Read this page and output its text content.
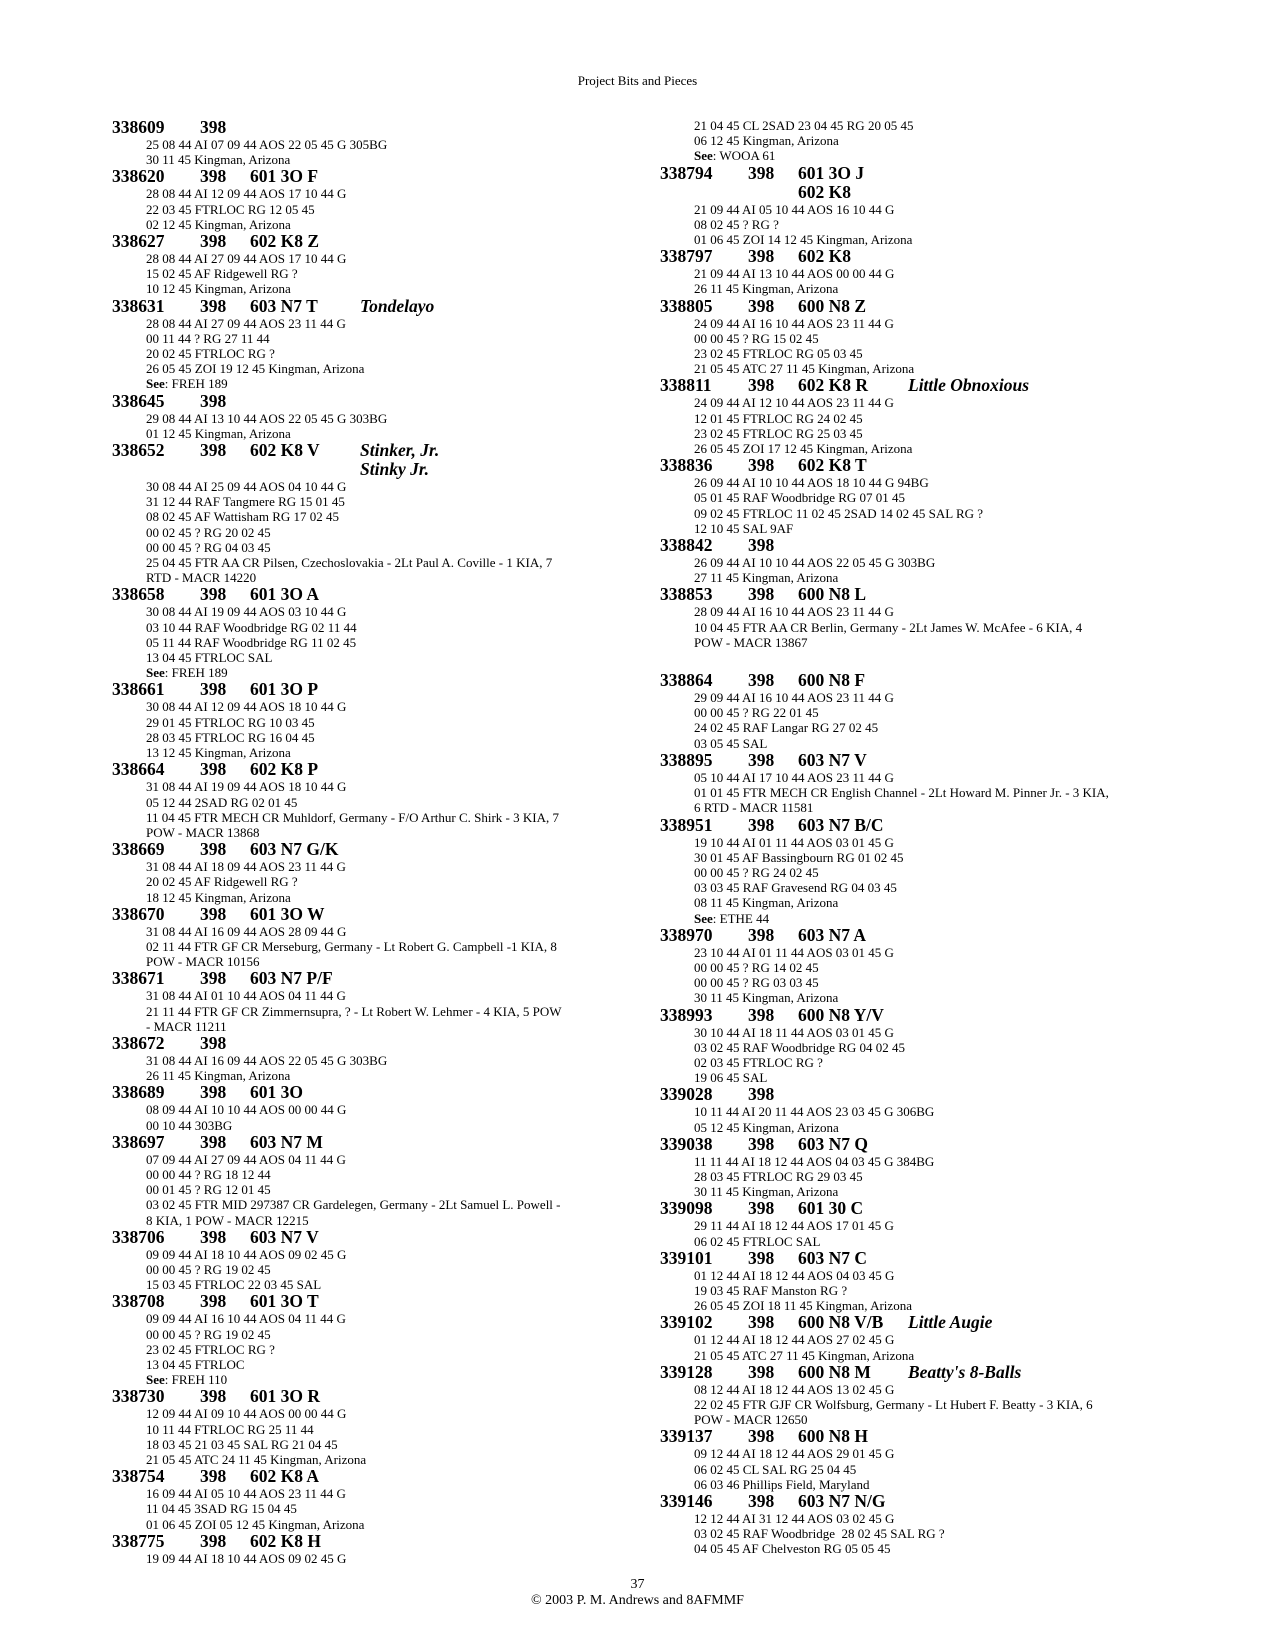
Project Bits and Pieces
338609	398
25 08 44 AI 07 09 44 AOS 22 05 45 G 305BG
30 11 45 Kingman, Arizona
338620	398	601 3O F
28 08 44 AI 12 09 44 AOS 17 10 44 G
22 03 45 FTRLOC RG 12 05 45
02 12 45 Kingman, Arizona
338627	398	602 K8 Z
28 08 44 AI 27 09 44 AOS 17 10 44 G
15 02 45 AF Ridgewell RG ?
10 12 45 Kingman, Arizona
338631	398	603 N7 T	Tondelayo
28 08 44 AI 27 09 44 AOS 23 11 44 G
00 11 44 ? RG 27 11 44
20 02 45 FTRLOC RG ?
26 05 45 ZOI 19 12 45 Kingman, Arizona
See: FREH 189
338645	398
29 08 44 AI 13 10 44 AOS 22 05 45 G 303BG
01 12 45 Kingman, Arizona
338652	398	602 K8 V	Stinker, Jr.
Stinky Jr.
30 08 44 AI 25 09 44 AOS 04 10 44 G
31 12 44 RAF Tangmere RG 15 01 45
08 02 45 AF Wattisham RG 17 02 45
00 02 45 ? RG 20 02 45
00 00 45 ? RG 04 03 45
25 04 45 FTR AA CR Pilsen, Czechoslovakia - 2Lt Paul A. Coville - 1 KIA, 7
RTD - MACR 14220
338658	398	601 3O A
30 08 44 AI 19 09 44 AOS 03 10 44 G
03 10 44 RAF Woodbridge RG 02 11 44
05 11 44 RAF Woodbridge RG 11 02 45
13 04 45 FTRLOC SAL
See: FREH 189
338661	398	601 3O P
30 08 44 AI 12 09 44 AOS 18 10 44 G
29 01 45 FTRLOC RG 10 03 45
28 03 45 FTRLOC RG 16 04 45
13 12 45 Kingman, Arizona
338664	398	602 K8 P
31 08 44 AI 19 09 44 AOS 18 10 44 G
05 12 44 2SAD RG 02 01 45
11 04 45 FTR MECH CR Muhldorf, Germany - F/O Arthur C. Shirk - 3 KIA, 7
POW - MACR 13868
338669	398	603 N7 G/K
31 08 44 AI 18 09 44 AOS 23 11 44 G
20 02 45 AF Ridgewell RG ?
18 12 45 Kingman, Arizona
338670	398	601 3O W
31 08 44 AI 16 09 44 AOS 28 09 44 G
02 11 44 FTR GF CR Merseburg, Germany - Lt Robert G. Campbell -1 KIA, 8
POW - MACR 10156
338671	398	603 N7 P/F
31 08 44 AI 01 10 44 AOS 04 11 44 G
21 11 44 FTR GF CR Zimmernsupra, ? - Lt Robert W. Lehmer - 4 KIA, 5 POW
- MACR 11211
338672	398
31 08 44 AI 16 09 44 AOS 22 05 45 G 303BG
26 11 45 Kingman, Arizona
338689	398	601 3O
08 09 44 AI 10 10 44 AOS 00 00 44 G
00 10 44 303BG
338697	398	603 N7 M
07 09 44 AI 27 09 44 AOS 04 11 44 G
00 00 44 ? RG 18 12 44
00 01 45 ? RG 12 01 45
03 02 45 FTR MID 297387 CR Gardelegen, Germany - 2Lt Samuel L. Powell -
8 KIA, 1 POW - MACR 12215
338706	398	603 N7 V
09 09 44 AI 18 10 44 AOS 09 02 45 G
00 00 45 ? RG 19 02 45
15 03 45 FTRLOC 22 03 45 SAL
338708	398	601 3O T
09 09 44 AI 16 10 44 AOS 04 11 44 G
00 00 45 ? RG 19 02 45
23 02 45 FTRLOC RG ?
13 04 45 FTRLOC
See: FREH 110
338730	398	601 3O R
12 09 44 AI 09 10 44 AOS 00 00 44 G
10 11 44 FTRLOC RG 25 11 44
18 03 45 21 03 45 SAL RG 21 04 45
21 05 45 ATC 24 11 45 Kingman, Arizona
338754	398	602 K8 A
16 09 44 AI 05 10 44 AOS 23 11 44 G
11 04 45 3SAD RG 15 04 45
01 06 45 ZOI 05 12 45 Kingman, Arizona
338775	398	602 K8 H
19 09 44 AI 18 10 44 AOS 09 02 45 G
21 04 45 CL 2SAD 23 04 45 RG 20 05 45
06 12 45 Kingman, Arizona
See: WOOA 61
338794	398	601 3O J
602 K8
21 09 44 AI 05 10 44 AOS 16 10 44 G
08 02 45 ? RG ?
01 06 45 ZOI 14 12 45 Kingman, Arizona
338797	398	602 K8
21 09 44 AI 13 10 44 AOS 00 00 44 G
26 11 45 Kingman, Arizona
338805	398	600 N8 Z
24 09 44 AI 16 10 44 AOS 23 11 44 G
00 00 45 ? RG 15 02 45
23 02 45 FTRLOC RG 05 03 45
21 05 45 ATC 27 11 45 Kingman, Arizona
338811	398	602 K8 R	Little Obnoxious
24 09 44 AI 12 10 44 AOS 23 11 44 G
12 01 45 FTRLOC RG 24 02 45
23 02 45 FTRLOC RG 25 03 45
26 05 45 ZOI 17 12 45 Kingman, Arizona
338836	398	602 K8 T
26 09 44 AI 10 10 44 AOS 18 10 44 G 94BG
05 01 45 RAF Woodbridge RG 07 01 45
09 02 45 FTRLOC 11 02 45 2SAD 14 02 45 SAL RG ?
12 10 45 SAL 9AF
338842	398
26 09 44 AI 10 10 44 AOS 22 05 45 G 303BG
27 11 45 Kingman, Arizona
338853	398	600 N8 L
28 09 44 AI 16 10 44 AOS 23 11 44 G
10 04 45 FTR AA CR Berlin, Germany - 2Lt James W. McAfee - 6 KIA, 4
POW - MACR 13867
338864	398	600 N8 F
29 09 44 AI 16 10 44 AOS 23 11 44 G
00 00 45 ? RG 22 01 45
24 02 45 RAF Langar RG 27 02 45
03 05 45 SAL
338895	398	603 N7 V
05 10 44 AI 17 10 44 AOS 23 11 44 G
01 01 45 FTR MECH CR English Channel - 2Lt Howard M. Pinner Jr. - 3 KIA,
6 RTD - MACR 11581
338951	398	603 N7 B/C
19 10 44 AI 01 11 44 AOS 03 01 45 G
30 01 45 AF Bassingbourn RG 01 02 45
00 00 45 ? RG 24 02 45
03 03 45 RAF Gravesend RG 04 03 45
08 11 45 Kingman, Arizona
See: ETHE 44
338970	398	603 N7 A
23 10 44 AI 01 11 44 AOS 03 01 45 G
00 00 45 ? RG 14 02 45
00 00 45 ? RG 03 03 45
30 11 45 Kingman, Arizona
338993	398	600 N8 Y/V
30 10 44 AI 18 11 44 AOS 03 01 45 G
03 02 45 RAF Woodbridge RG 04 02 45
02 03 45 FTRLOC RG ?
19 06 45 SAL
339028	398
10 11 44 AI 20 11 44 AOS 23 03 45 G 306BG
05 12 45 Kingman, Arizona
339038	398	603 N7 Q
11 11 44 AI 18 12 44 AOS 04 03 45 G 384BG
28 03 45 FTRLOC RG 29 03 45
30 11 45 Kingman, Arizona
339098	398	601 30 C
29 11 44 AI 18 12 44 AOS 17 01 45 G
06 02 45 FTRLOC SAL
339101	398	603 N7 C
01 12 44 AI 18 12 44 AOS 04 03 45 G
19 03 45 RAF Manston RG ?
26 05 45 ZOI 18 11 45 Kingman, Arizona
339102	398	600 N8 V/B	Little Augie
01 12 44 AI 18 12 44 AOS 27 02 45 G
21 05 45 ATC 27 11 45 Kingman, Arizona
339128	398	600 N8 M	Beatty's 8-Balls
08 12 44 AI 18 12 44 AOS 13 02 45 G
22 02 45 FTR GJF CR Wolfsburg, Germany - Lt Hubert F. Beatty - 3 KIA, 6
POW - MACR 12650
339137	398	600 N8 H
09 12 44 AI 18 12 44 AOS 29 01 45 G
06 02 45 CL SAL RG 25 04 45
06 03 46 Phillips Field, Maryland
339146	398	603 N7 N/G
12 12 44 AI 31 12 44 AOS 03 02 45 G
03 02 45 RAF Woodbridge  28 02 45 SAL RG ?
04 05 45 AF Chelveston RG 05 05 45
37
© 2003 P. M. Andrews and 8AFMMF
